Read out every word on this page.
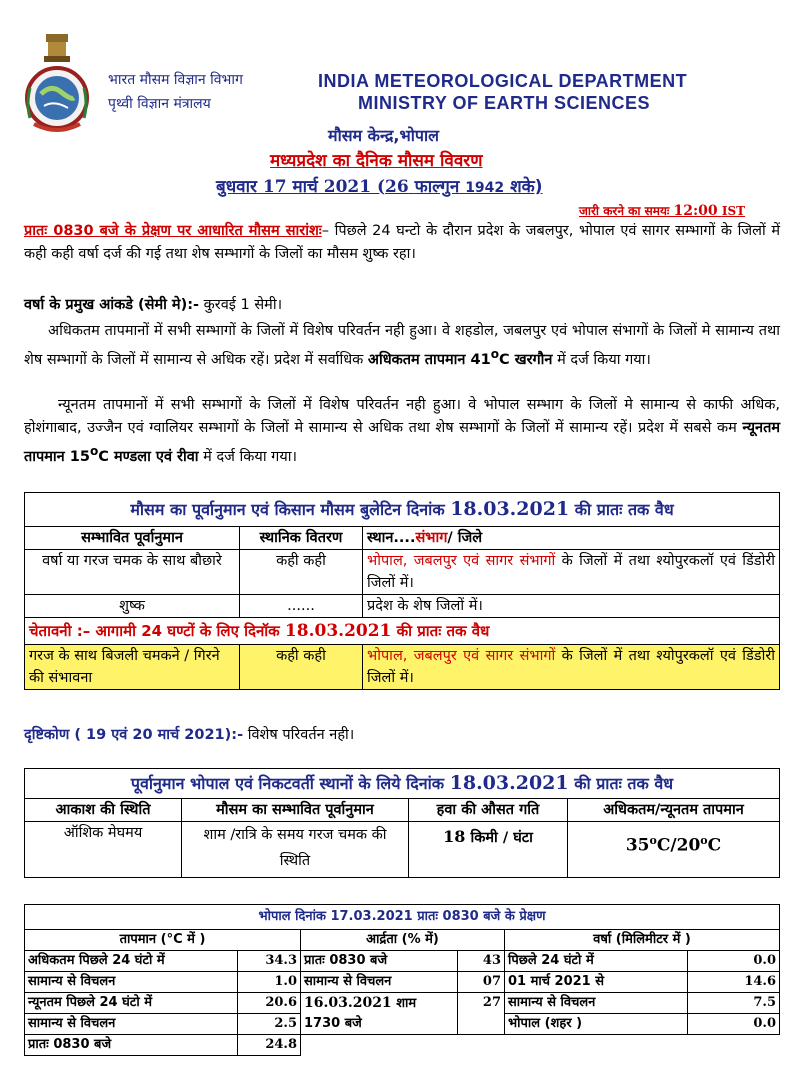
भारत मौसम विज्ञान विभाग
पृथ्वी विज्ञान मंत्रालय
INDIA METEOROLOGICAL DEPARTMENT
MINISTRY OF EARTH SCIENCES
मौसम केन्द्र,भोपाल
मध्यप्रदेश का दैनिक मौसम विवरण
बुधवार 17 मार्च 2021 (26 फाल्गुन 1942 शके)
जारी करने का समयः 12:00 IST
प्रातः 0830 बजे के प्रेक्षण पर आधारित मौसम सारांशः– पिछले 24 घन्टो के दौरान प्रदेश के जबलपुर, भोपाल एवं सागर सम्भागों के जिलों में कही कही वर्षा दर्ज की गई तथा शेष सम्भागों के जिलों का मौसम शुष्क रहा।
वर्षा के प्रमुख आंकडे (सेमी मे):- कुरवई 1 सेमी।
अधिकतम तापमानों में सभी सम्भागों के जिलों में विशेष परिवर्तन नही हुआ। वे शहडोल, जबलपुर एवं भोपाल संभागों के जिलों मे सामान्य तथा शेष सम्भागों के जिलों में सामान्य से अधिक रहें। प्रदेश में सर्वाधिक अधिकतम तापमान 41$^o$C खरगौन में दर्ज किया गया।
न्यूनतम तापमानों में सभी सम्भागों के जिलों में विशेष परिवर्तन नही हुआ। वे भोपाल सम्भाग के जिलों मे सामान्य से काफी अधिक, होशंगाबाद, उज्जैन एवं ग्वालियर सम्भागों के जिलों मे सामान्य से अधिक तथा शेष सम्भागों के जिलों में सामान्य रहें। प्रदेश में सबसे कम न्यूनतम तापमान 15$^o$C मण्डला एवं रीवा में दर्ज किया गया।
मौसम का पूर्वानुमान एवं किसान मौसम बुलेटिन दिनांक 18.03.2021 की प्रातः तक वैध		
सम्भावित पूर्वानुमान	स्थानिक वितरण	स्थान....संभाग/ जिले
वर्षा या गरज चमक के साथ बौछारे	कही कही	भोपाल, जबलपुर एवं सागर संभागों के जिलों में तथा श्योपुरकलॉ एवं डिंडोरी जिलों में।
शुष्क	......	प्रदेश के शेष जिलों में।
चेतावनी :– आगामी 24 घण्टों के लिए दिनॉक 18.03.2021 की प्रातः तक वैध		
गरज के साथ बिजली चमकने / गिरने की संभावना	कही कही	भोपाल, जबलपुर एवं सागर संभागों के जिलों में तथा श्योपुरकलॉ एवं डिंडोरी जिलों में।
दृष्टिकोण ( 19 एवं 20 मार्च 2021):- विशेष परिवर्तन नही।
पूर्वानुमान भोपाल एवं निकटवर्ती स्थानों के लिये दिनांक 18.03.2021 की प्रातः तक वैध			
आकाश की स्थिति	मौसम का सम्भावित पूर्वानुमान	हवा की औसत गति	अधिकतम/न्यूनतम तापमान
ऑशिक मेघमय	शाम /रात्रि के समय गरज चमक की स्थिति	18 किमी / घंटा	35$^o$C/20$^o$C
भोपाल दिनांक 17.03.2021 प्रातः 0830 बजे के प्रेक्षण					
तापमान (°C में )		आर्द्रता (% में)		वर्षा (मिलिमीटर में )	
अधिकतम पिछले 24 घंटो में	34.3	प्रातः 0830 बजे	43	पिछले 24 घंटो में	0.0
सामान्य से विचलन	1.0	सामान्य से विचलन	07	01 मार्च 2021 से	14.6
न्यूनतम पिछले 24 घंटो में	20.6	16.03.2021 शाम 1730 बजे	27	सामान्य से विचलन	7.5
सामान्य से विचलन	2.5			भोपाल (शहर )	0.0
प्रातः 0830 बजे	24.8				
